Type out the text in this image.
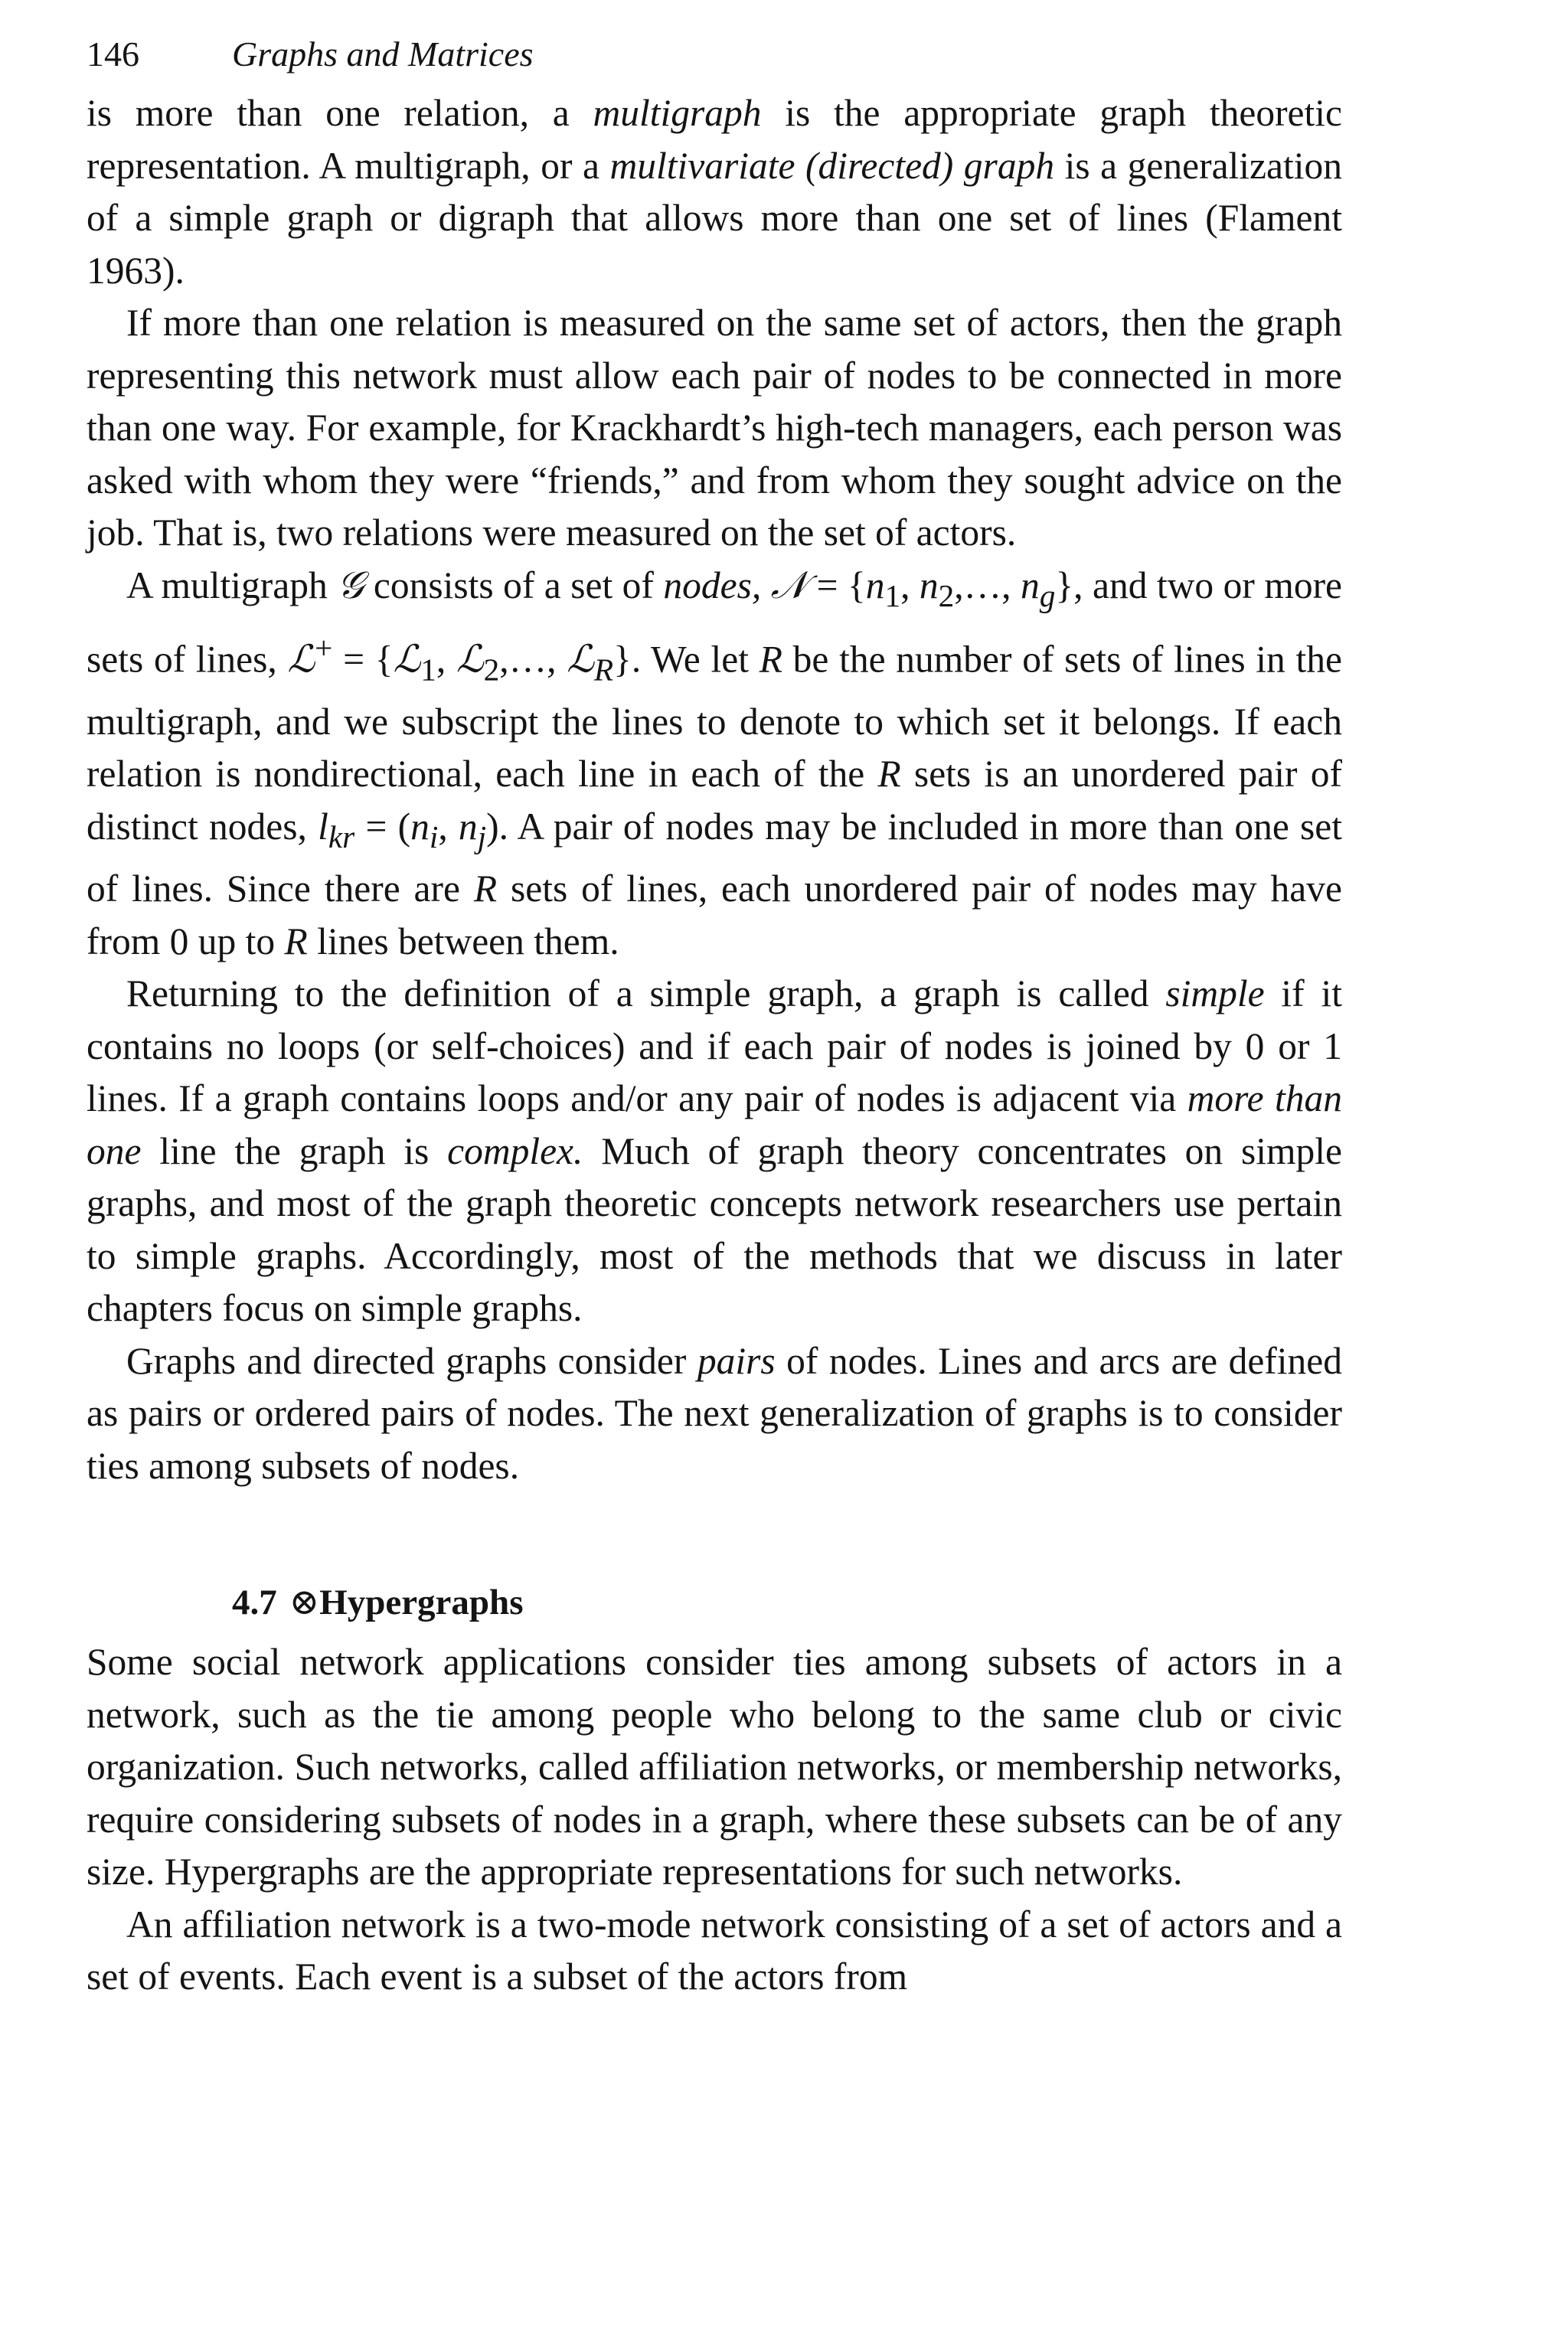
146	Graphs and Matrices

is more than one relation, a multigraph is the appropriate graph theoretic representation. A multigraph, or a multivariate (directed) graph is a generalization of a simple graph or digraph that allows more than one set of lines (Flament 1963).

If more than one relation is measured on the same set of actors, then the graph representing this network must allow each pair of nodes to be connected in more than one way. For example, for Krackhardt’s high-tech managers, each person was asked with whom they were “friends,” and from whom they sought advice on the job. That is, two relations were measured on the set of actors.

A multigraph 𝒢 consists of a set of nodes, 𝒩 = {$n_1$, $n_2,\dots$, $n_g$}, and two or more sets of lines, ℒ+ = {ℒ$_1$, ℒ$_2$,…, ℒ$_R$}. We let R be the number of sets of lines in the multigraph, and we subscript the lines to denote to which set it belongs. If each relation is nondirectional, each line in each of the R sets is an unordered pair of distinct nodes, $l_{kr} = (n_i$, $n_j$). A pair of nodes may be included in more than one set of lines. Since there are R sets of lines, each unordered pair of nodes may have from 0 up to R lines between them.

Returning to the definition of a simple graph, a graph is called simple if it contains no loops (or self-choices) and if each pair of nodes is joined by 0 or 1 lines. If a graph contains loops and/or any pair of nodes is adjacent via more than one line the graph is complex. Much of graph theory concentrates on simple graphs, and most of the graph theoretic concepts network researchers use pertain to simple graphs. Accordingly, most of the methods that we discuss in later chapters focus on simple graphs.

Graphs and directed graphs consider pairs of nodes. Lines and arcs are defined as pairs or ordered pairs of nodes. The next generalization of graphs is to consider ties among subsets of nodes.

4.7 ⊗Hypergraphs

Some social network applications consider ties among subsets of actors in a network, such as the tie among people who belong to the same club or civic organization. Such networks, called affiliation networks, or membership networks, require considering subsets of nodes in a graph, where these subsets can be of any size. Hypergraphs are the appropriate representations for such networks.

An affiliation network is a two-mode network consisting of a set of actors and a set of events. Each event is a subset of the actors from
